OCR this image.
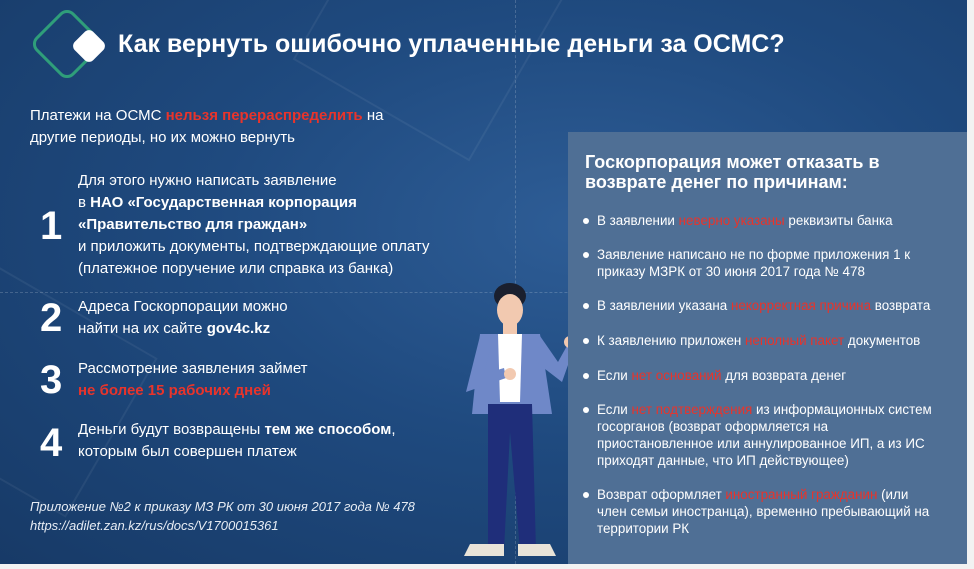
Как вернуть ошибочно уплаченные деньги за ОСМС?
Платежи на ОСМС нельзя перераспределить на другие периоды, но их можно вернуть
1
Для этого нужно написать заявление
в НАО «Государственная корпорация «Правительство для граждан»
и приложить документы, подтверждающие оплату (платежное поручение или справка из банка)
2 Адреса Госкорпорации можно найти на их сайте gov4c.kz
3 Рассмотрение заявления займет
не более 15 рабочих дней
4 Деньги будут возвращены тем же способом, которым был совершен платеж
Приложение №2 к приказу МЗ РК от 30 июня 2017 года № 478
https://adilet.zan.kz/rus/docs/V1700015361
Госкорпорация может отказать в возврате денег по причинам:
В заявлении неверно указаны реквизиты банка
Заявление написано не по форме приложения 1 к приказу МЗРК от 30 июня 2017 года № 478
В заявлении указана некорректная причина возврата
К заявлению приложен неполный пакет документов
Если нет оснований для возврата денег
Если нет подтверждения из информационных систем госорганов (возврат оформляется на приостановленное или аннулированное ИП, а из ИС приходят данные, что ИП действующее)
Возврат оформляет иностранный гражданин (или член семьи иностранца), временно пребывающий на территории РК
